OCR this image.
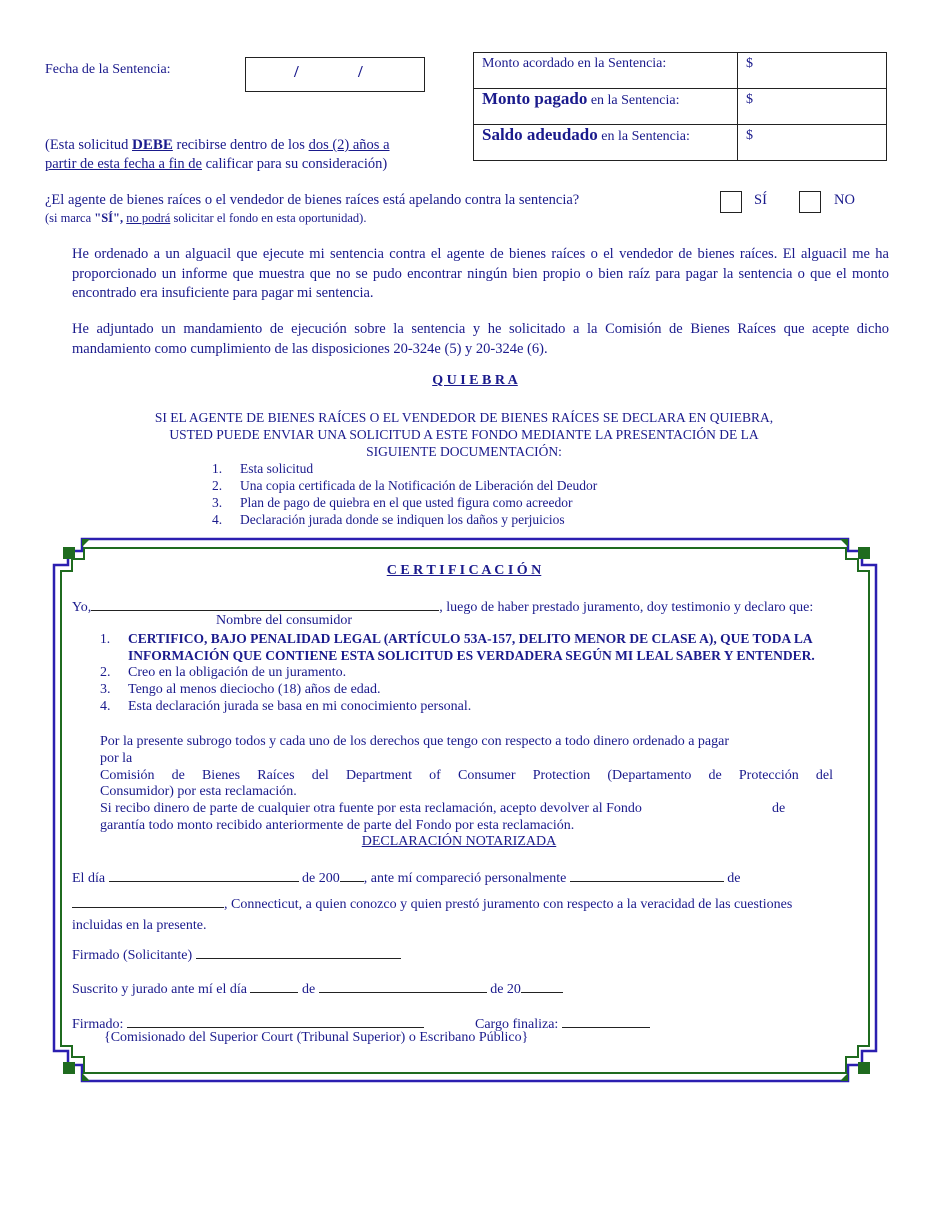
Fecha de la Sentencia:	/	/	Monto acordado en la Sentencia:	$
Monto pagado en la Sentencia:	$
Saldo adeudado en la Sentencia:	$
(Esta solicitud DEBE recibirse dentro de los dos (2) años a
partir de esta fecha a fin de calificar para su consideración)
¿El agente de bienes raíces o el vendedor de bienes raíces está apelando contra la sentencia?	SÍ	NO
(si marca "SÍ", no podrá solicitar el fondo en esta oportunidad).
He ordenado a un alguacil que ejecute mi sentencia contra el agente de bienes raíces o el vendedor de bienes raíces. El alguacil me ha proporcionado un informe que muestra que no se pudo encontrar ningún bien propio o bien raíz para pagar la sentencia o que el monto encontrado era insuficiente para pagar mi sentencia.
He adjuntado un mandamiento de ejecución sobre la sentencia y he solicitado a la Comisión de Bienes Raíces que acepte dicho mandamiento como cumplimiento de las disposiciones 20-324e (5) y 20-324e (6).
Q U I E B R A
SI EL AGENTE DE BIENES RAÍCES O EL VENDEDOR DE BIENES RAÍCES SE DECLARA EN QUIEBRA,
USTED PUEDE ENVIAR UNA SOLICITUD A ESTE FONDO MEDIANTE LA PRESENTACIÓN DE LA
SIGUIENTE DOCUMENTACIÓN:
1. Esta solicitud
2. Una copia certificada de la Notificación de Liberación del Deudor
3. Plan de pago de quiebra en el que usted figura como acreedor
4. Declaración jurada donde se indiquen los daños y perjuicios
C E R T I F I C A C I Ó N
Yo,	, luego de haber prestado juramento, doy testimonio y declaro que:
Nombre del consumidor
1. CERTIFICO, BAJO PENALIDAD LEGAL (ARTÍCULO 53A-157, DELITO MENOR DE CLASE A), QUE TODA LA
INFORMACIÓN QUE CONTIENE ESTA SOLICITUD ES VERDADERA SEGÚN MI LEAL SABER Y ENTENDER.
2. Creo en la obligación de un juramento.
3. Tengo al menos dieciocho (18) años de edad.
4. Esta declaración jurada se basa en mi conocimiento personal.
Por la presente subrogo todos y cada uno de los derechos que tengo con respecto a todo dinero ordenado a pagar
por la
Comisión de Bienes Raíces del Department of Consumer Protection (Departamento de Protección del
Consumidor) por esta reclamación.
Si recibo dinero de parte de cualquier otra fuente por esta reclamación, acepto devolver al Fondo	de
garantía todo monto recibido anteriormente de parte del Fondo por esta reclamación.
DECLARACIÓN NOTARIZADA
El día	de 200 , ante mí compareció personalmente	de
, Connecticut, a quien conozco y quien prestó juramento con respecto a la veracidad de las cuestiones
incluidas en la presente.
Firmado (Solicitante)
Suscrito y jurado ante mí el día	de	de 20
Firmado:	Cargo finaliza:
{Comisionado del Superior Court (Tribunal Superior) o Escribano Público}
